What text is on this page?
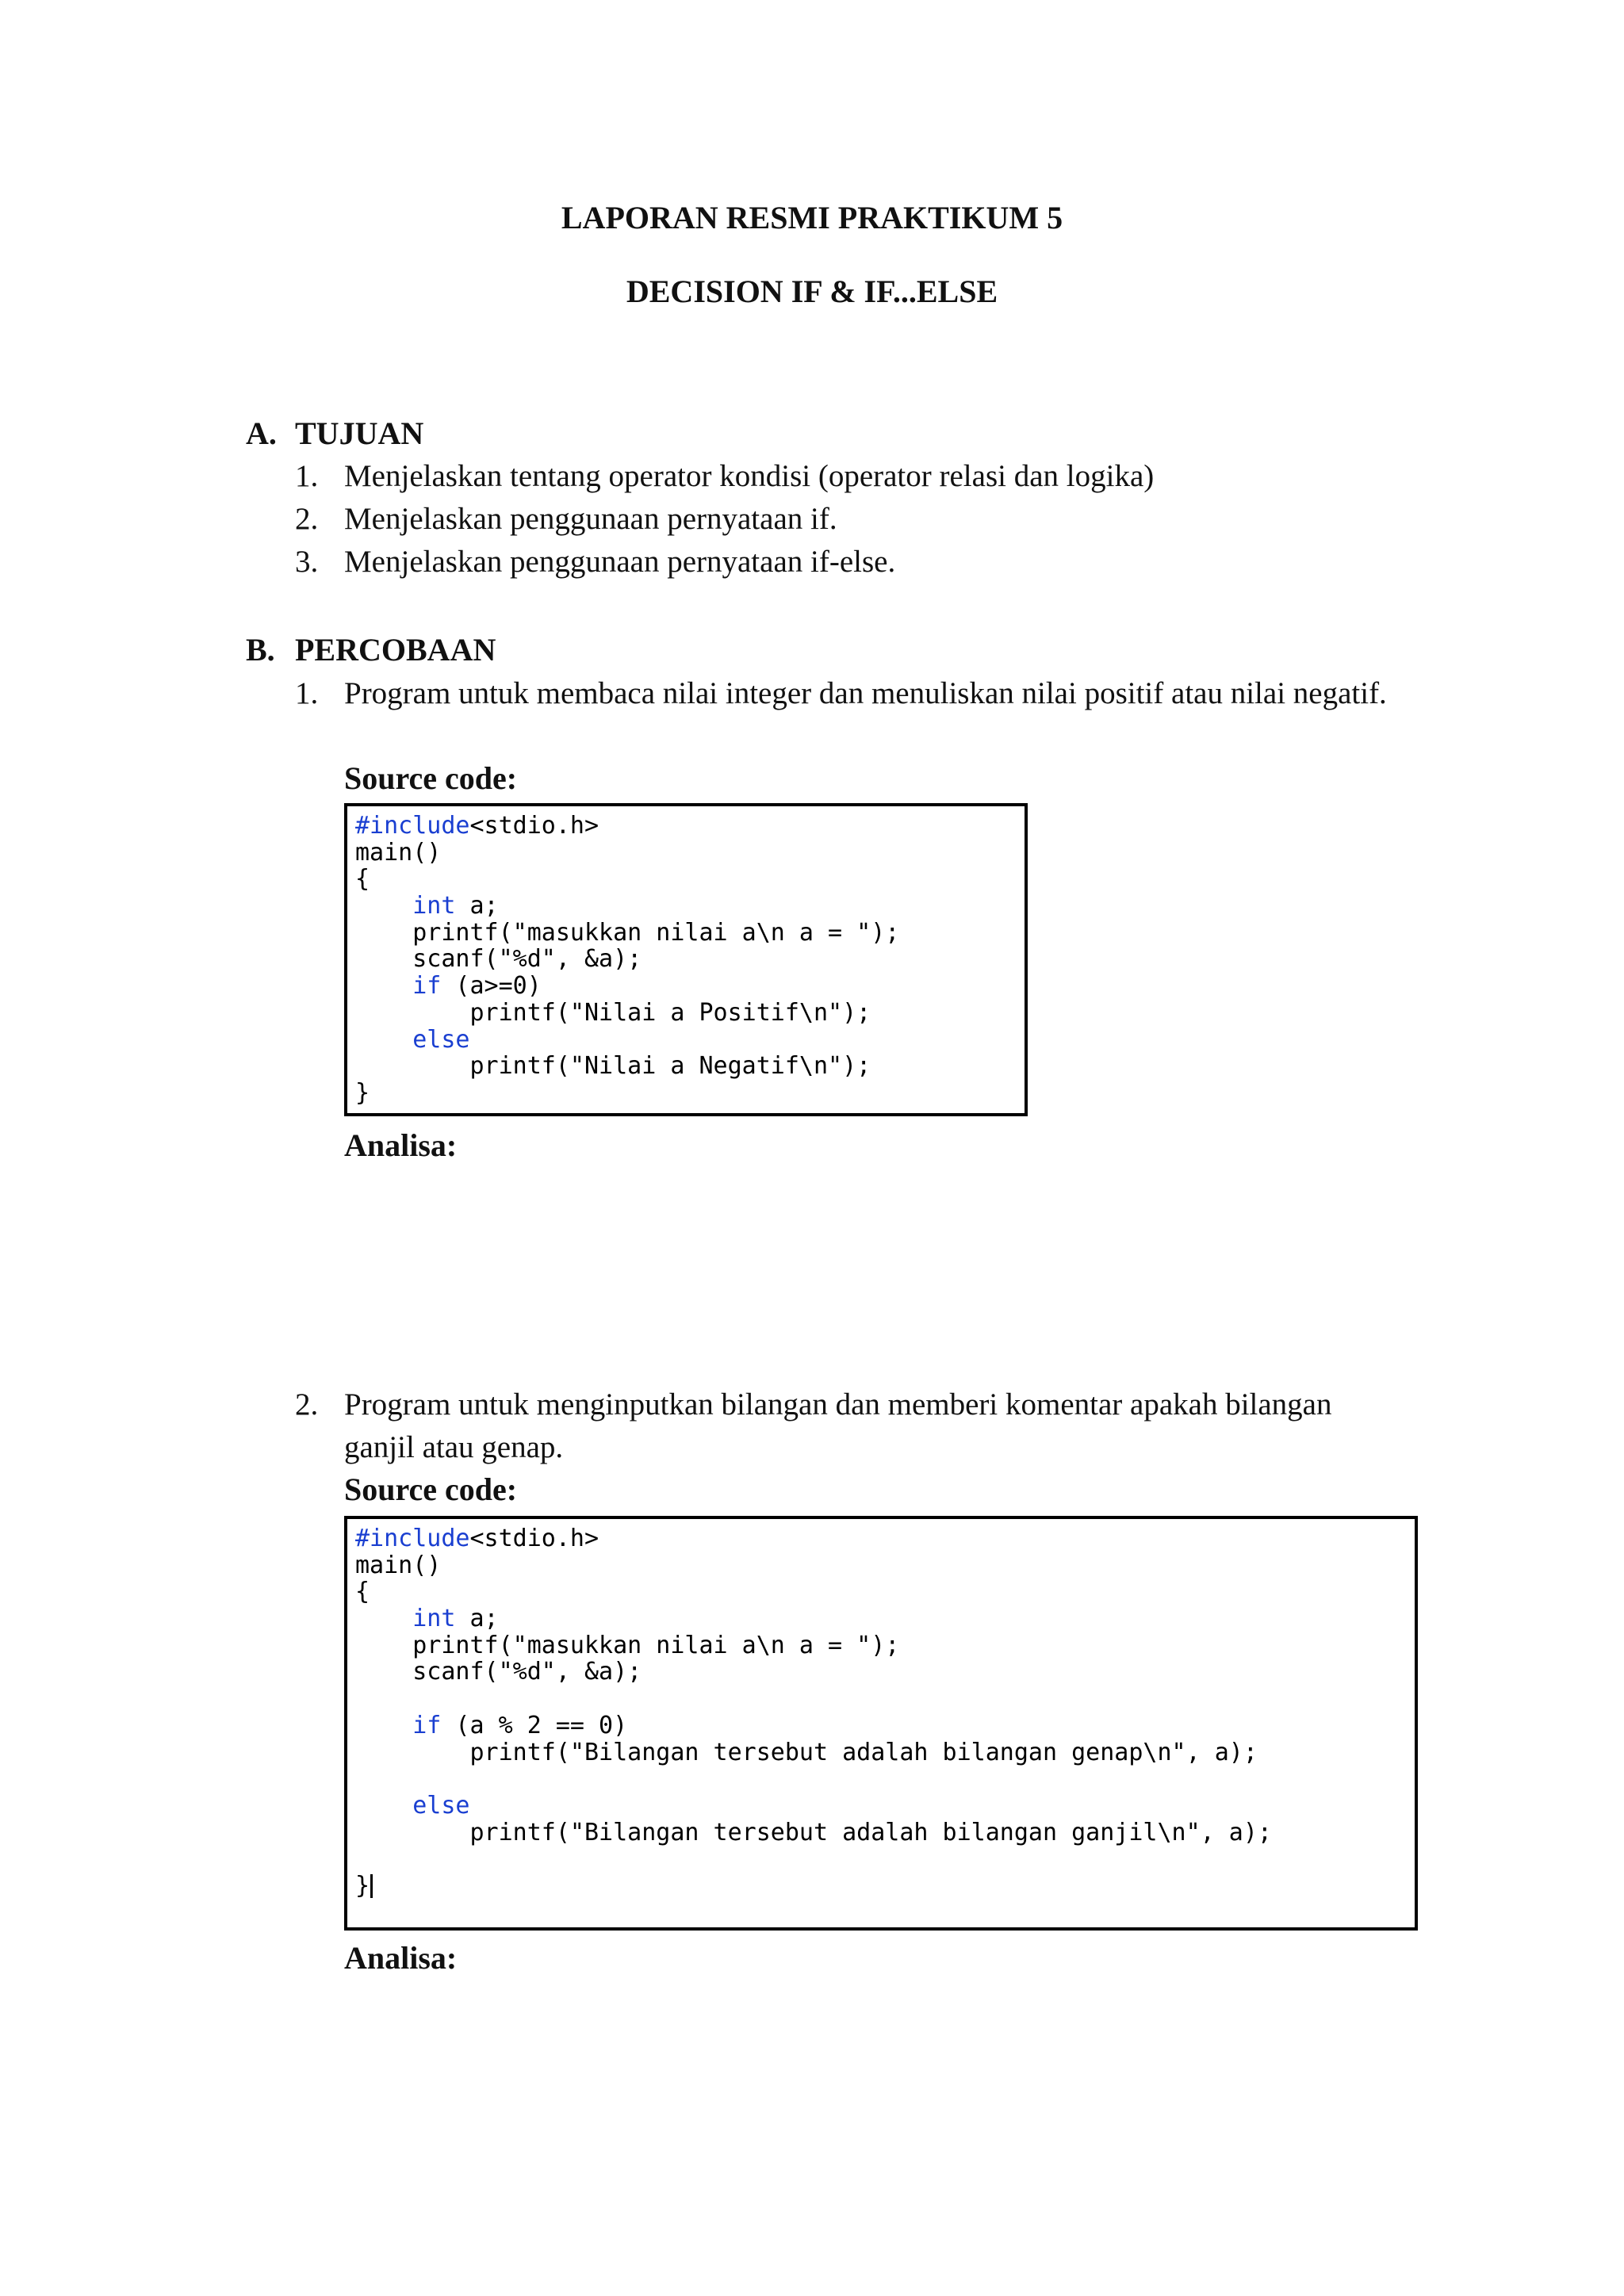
LAPORAN RESMI PRAKTIKUM 5
DECISION IF & IF...ELSE
A. TUJUAN
1. Menjelaskan tentang operator kondisi (operator relasi dan logika)
2. Menjelaskan penggunaan pernyataan if.
3. Menjelaskan penggunaan pernyataan if-else.
B. PERCOBAAN
1. Program untuk membaca nilai integer dan menuliskan nilai positif atau nilai negatif.
Source code:
#include<stdio.h>
main()
{
int a;
printf("masukkan nilai a\n a = ");
scanf("%d", &a);
if (a>=0)
printf("Nilai a Positif\n");
else
printf("Nilai a Negatif\n");
}
Analisa:
2. Program untuk menginputkan bilangan dan memberi komentar apakah bilangan ganjil atau genap.
Source code:
#include<stdio.h>
main()
{
int a;
printf("masukkan nilai a\n a = ");
scanf("%d", &a);
if (a % 2 == 0)
printf("Bilangan tersebut adalah bilangan genap\n", a);
else
printf("Bilangan tersebut adalah bilangan ganjil\n", a);
}
Analisa:
